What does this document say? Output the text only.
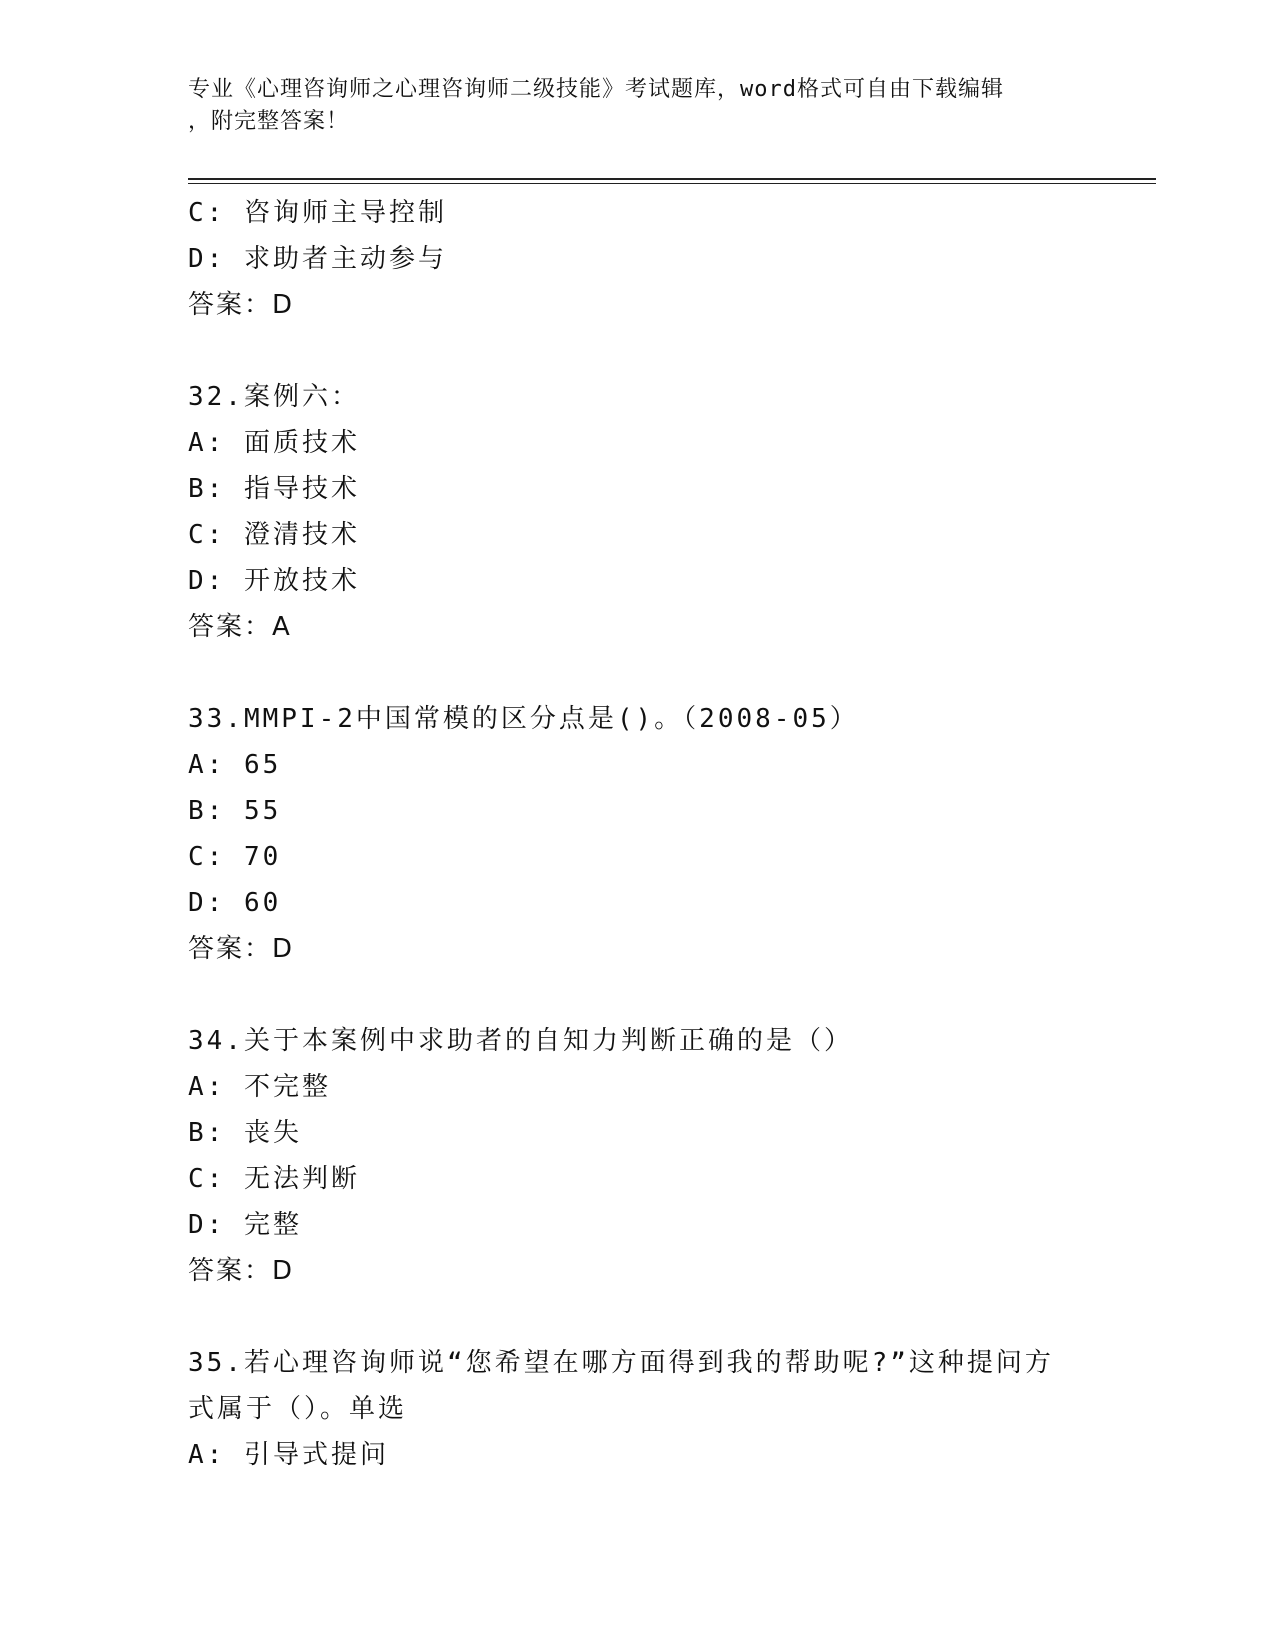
专业《心理咨询师之心理咨询师二级技能》考试题库，word格式可自由下载编辑
，附完整答案！
C: 咨询师主导控制
D: 求助者主动参与
答案：D
32.案例六：
A: 面质技术
B: 指导技术
C: 澄清技术
D: 开放技术
答案：A
33.MMPI-2中国常模的区分点是()。（2008-05）
A: 65
B: 55
C: 70
D: 60
答案：D
34.关于本案例中求助者的自知力判断正确的是（）
A: 不完整
B: 丧失
C: 无法判断
D: 完整
答案：D
35.若心理咨询师说“您希望在哪方面得到我的帮助呢?”这种提问方
式属于（）。单选
A: 引导式提问
